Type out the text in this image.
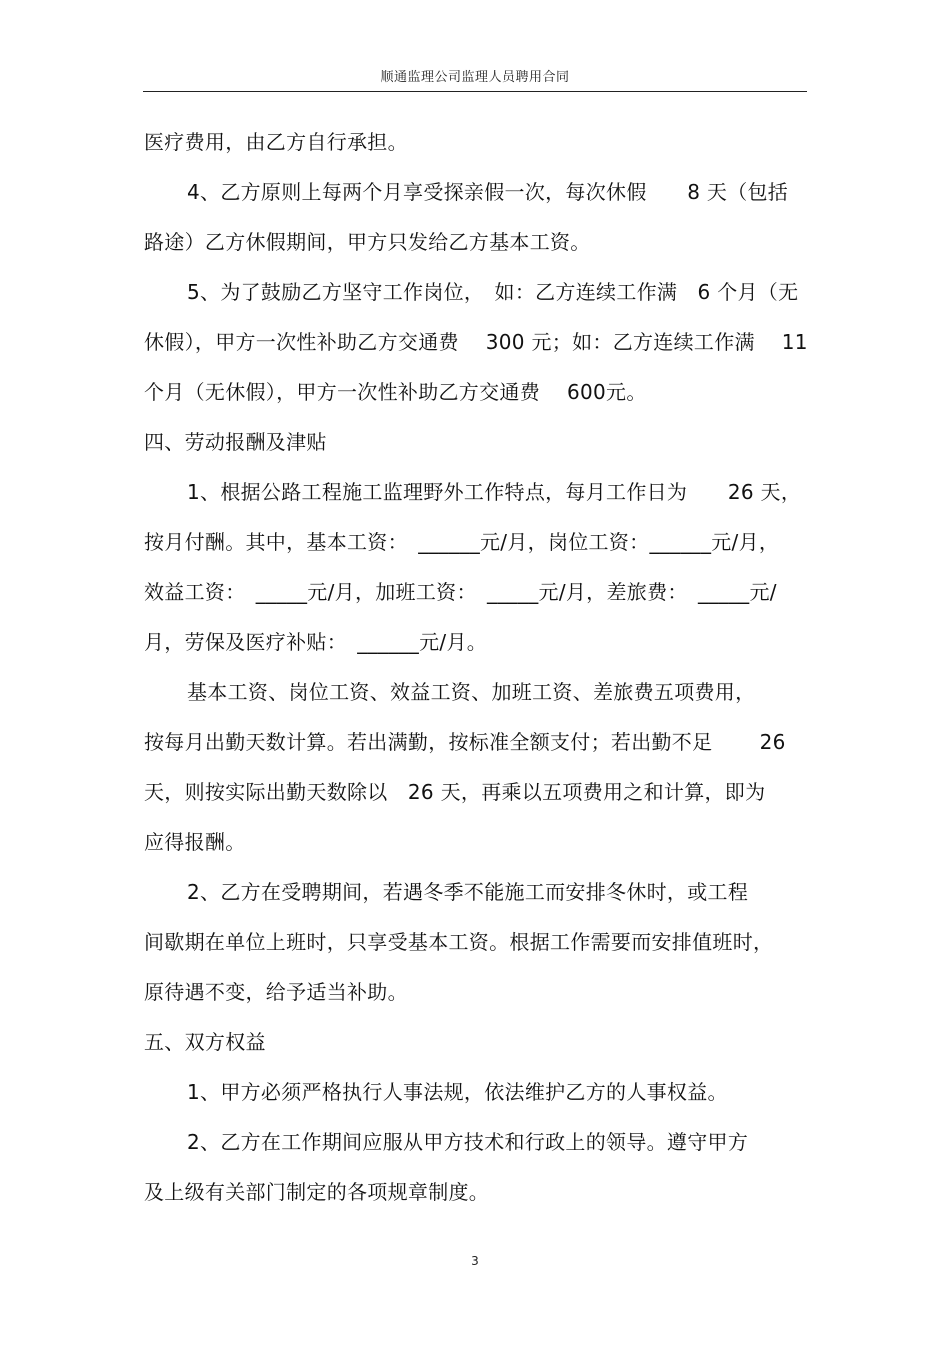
顺通监理公司监理人员聘用合同
医疗费用，由乙方自行承担。
4、乙方原则上每两个月享受探亲假一次，每次休假　　8 天（包括
路途）乙方休假期间，甲方只发给乙方基本工资。
5、为了鼓励乙方坚守工作岗位，　如：乙方连续工作满　6 个月（无
休假），甲方一次性补助乙方交通费　 300 元；如：乙方连续工作满　 11
个月（无休假），甲方一次性补助乙方交通费　 600元。
四、劳动报酬及津贴
1、根据公路工程施工监理野外工作特点，每月工作日为　　26 天，
按月付酬。其中，基本工资：　______元/月，岗位工资：______元/月，
效益工资：　_____元/月，加班工资：　_____元/月，差旅费：　_____元/
月，劳保及医疗补贴：　______元/月。
基本工资、岗位工资、效益工资、加班工资、差旅费五项费用，
按每月出勤天数计算。若出满勤，按标准全额支付；若出勤不足　　 26
天，则按实际出勤天数除以　26 天，再乘以五项费用之和计算，即为
应得报酬。
2、乙方在受聘期间，若遇冬季不能施工而安排冬休时，或工程
间歇期在单位上班时，只享受基本工资。根据工作需要而安排值班时，
原待遇不变，给予适当补助。
五、双方权益
1、甲方必须严格执行人事法规，依法维护乙方的人事权益。
2、乙方在工作期间应服从甲方技术和行政上的领导。遵守甲方
及上级有关部门制定的各项规章制度。
3
